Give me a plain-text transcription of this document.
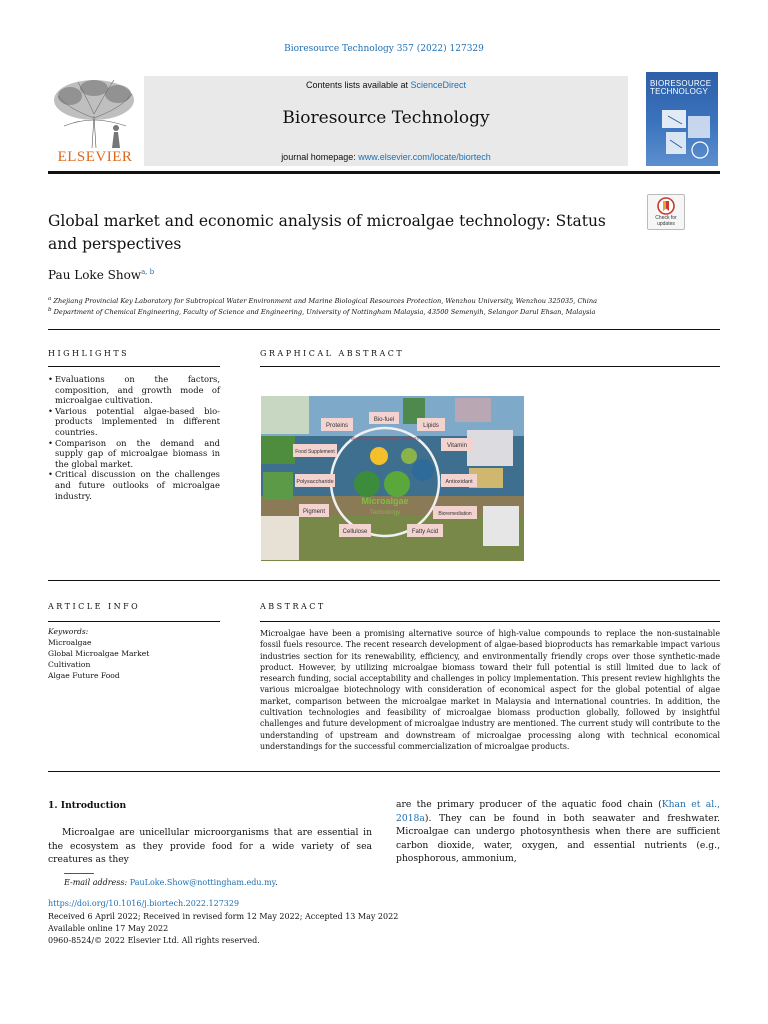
Bioresource Technology 357 (2022) 127329
ELSEVIER
Contents lists available at ScienceDirect
Bioresource Technology
journal homepage: www.elsevier.com/locate/biortech
BIORESOURCE
TECHNOLOGY
Global market and economic analysis of microalgae technology: Status
and perspectives
Check for
updates
Pau Loke Show$^{a, b}$
$^a$ Zhejiang Provincial Key Laboratory for Subtropical Water Environment and Marine Biological Resources Protection, Wenzhou University, Wenzhou 325035, China
$^b$ Department of Chemical Engineering, Faculty of Science and Engineering, University of Nottingham Malaysia, 43500 Semenyih, Selangor Darul Ehsan, Malaysia
HIGHLIGHTS
• Evaluations on the factors, composition, and growth mode of microalgae cultivation.
• Various potential algae-based bio-products implemented in different countries.
• Comparison on the demand and supply gap of microalgae biomass in the global market.
• Critical discussion on the challenges and future outlooks of microalgae industry.
GRAPHICAL ABSTRACT
Proteins
Bio-fuel
Lipids
Food Supplement
Vitamin
Polysaccharide	Antioxidant
Pigment	Bioremediation
Cellulose	Fatty Acid
Microalgae
Technology
Biomass & Value-Added Products
ARTICLE INFO
Keywords:
Microalgae
Global Microalgae Market
Cultivation
Algae Future Food
ABSTRACT
Microalgae have been a promising alternative source of high-value compounds to replace the non-sustainable fossil fuels resource. The recent research development of algae-based bioproducts has remarkable impact various industries section for its renewability, efficiency, and environmentally friendly crops over those synthetic-made product. However, by utilizing microalgae biomass toward their full potential is still limited due to lack of research funding, social acceptability and challenges in policy implementation. This present review highlights the various microalgae biotechnology with consideration of economical aspect for the global potential of algae market, comparison between the microalgae market in Malaysia and international countries. In addition, the cultivation technologies and feasibility of microalgae biomass production globally, followed by insightful challenges and future development of microalgae industry are mentioned. The current study will contribute to the understanding of upstream and downstream of microalgae processing along with technical economical understandings for the successful commercialization of microalgae products.
1. Introduction
Microalgae are unicellular microorganisms that are essential in the ecosystem as they provide food for a wide variety of sea creatures as they
are the primary producer of the aquatic food chain (Khan et al., 2018a). They can be found in both seawater and freshwater. Microalgae can undergo photosynthesis when there are sufficient carbon dioxide, water, oxygen, and essential nutrients (e.g., phosphorous, ammonium,
E-mail address: PauLoke.Show@nottingham.edu.my.
https://doi.org/10.1016/j.biortech.2022.127329
Received 6 April 2022; Received in revised form 12 May 2022; Accepted 13 May 2022
Available online 17 May 2022
0960-8524/© 2022 Elsevier Ltd. All rights reserved.
